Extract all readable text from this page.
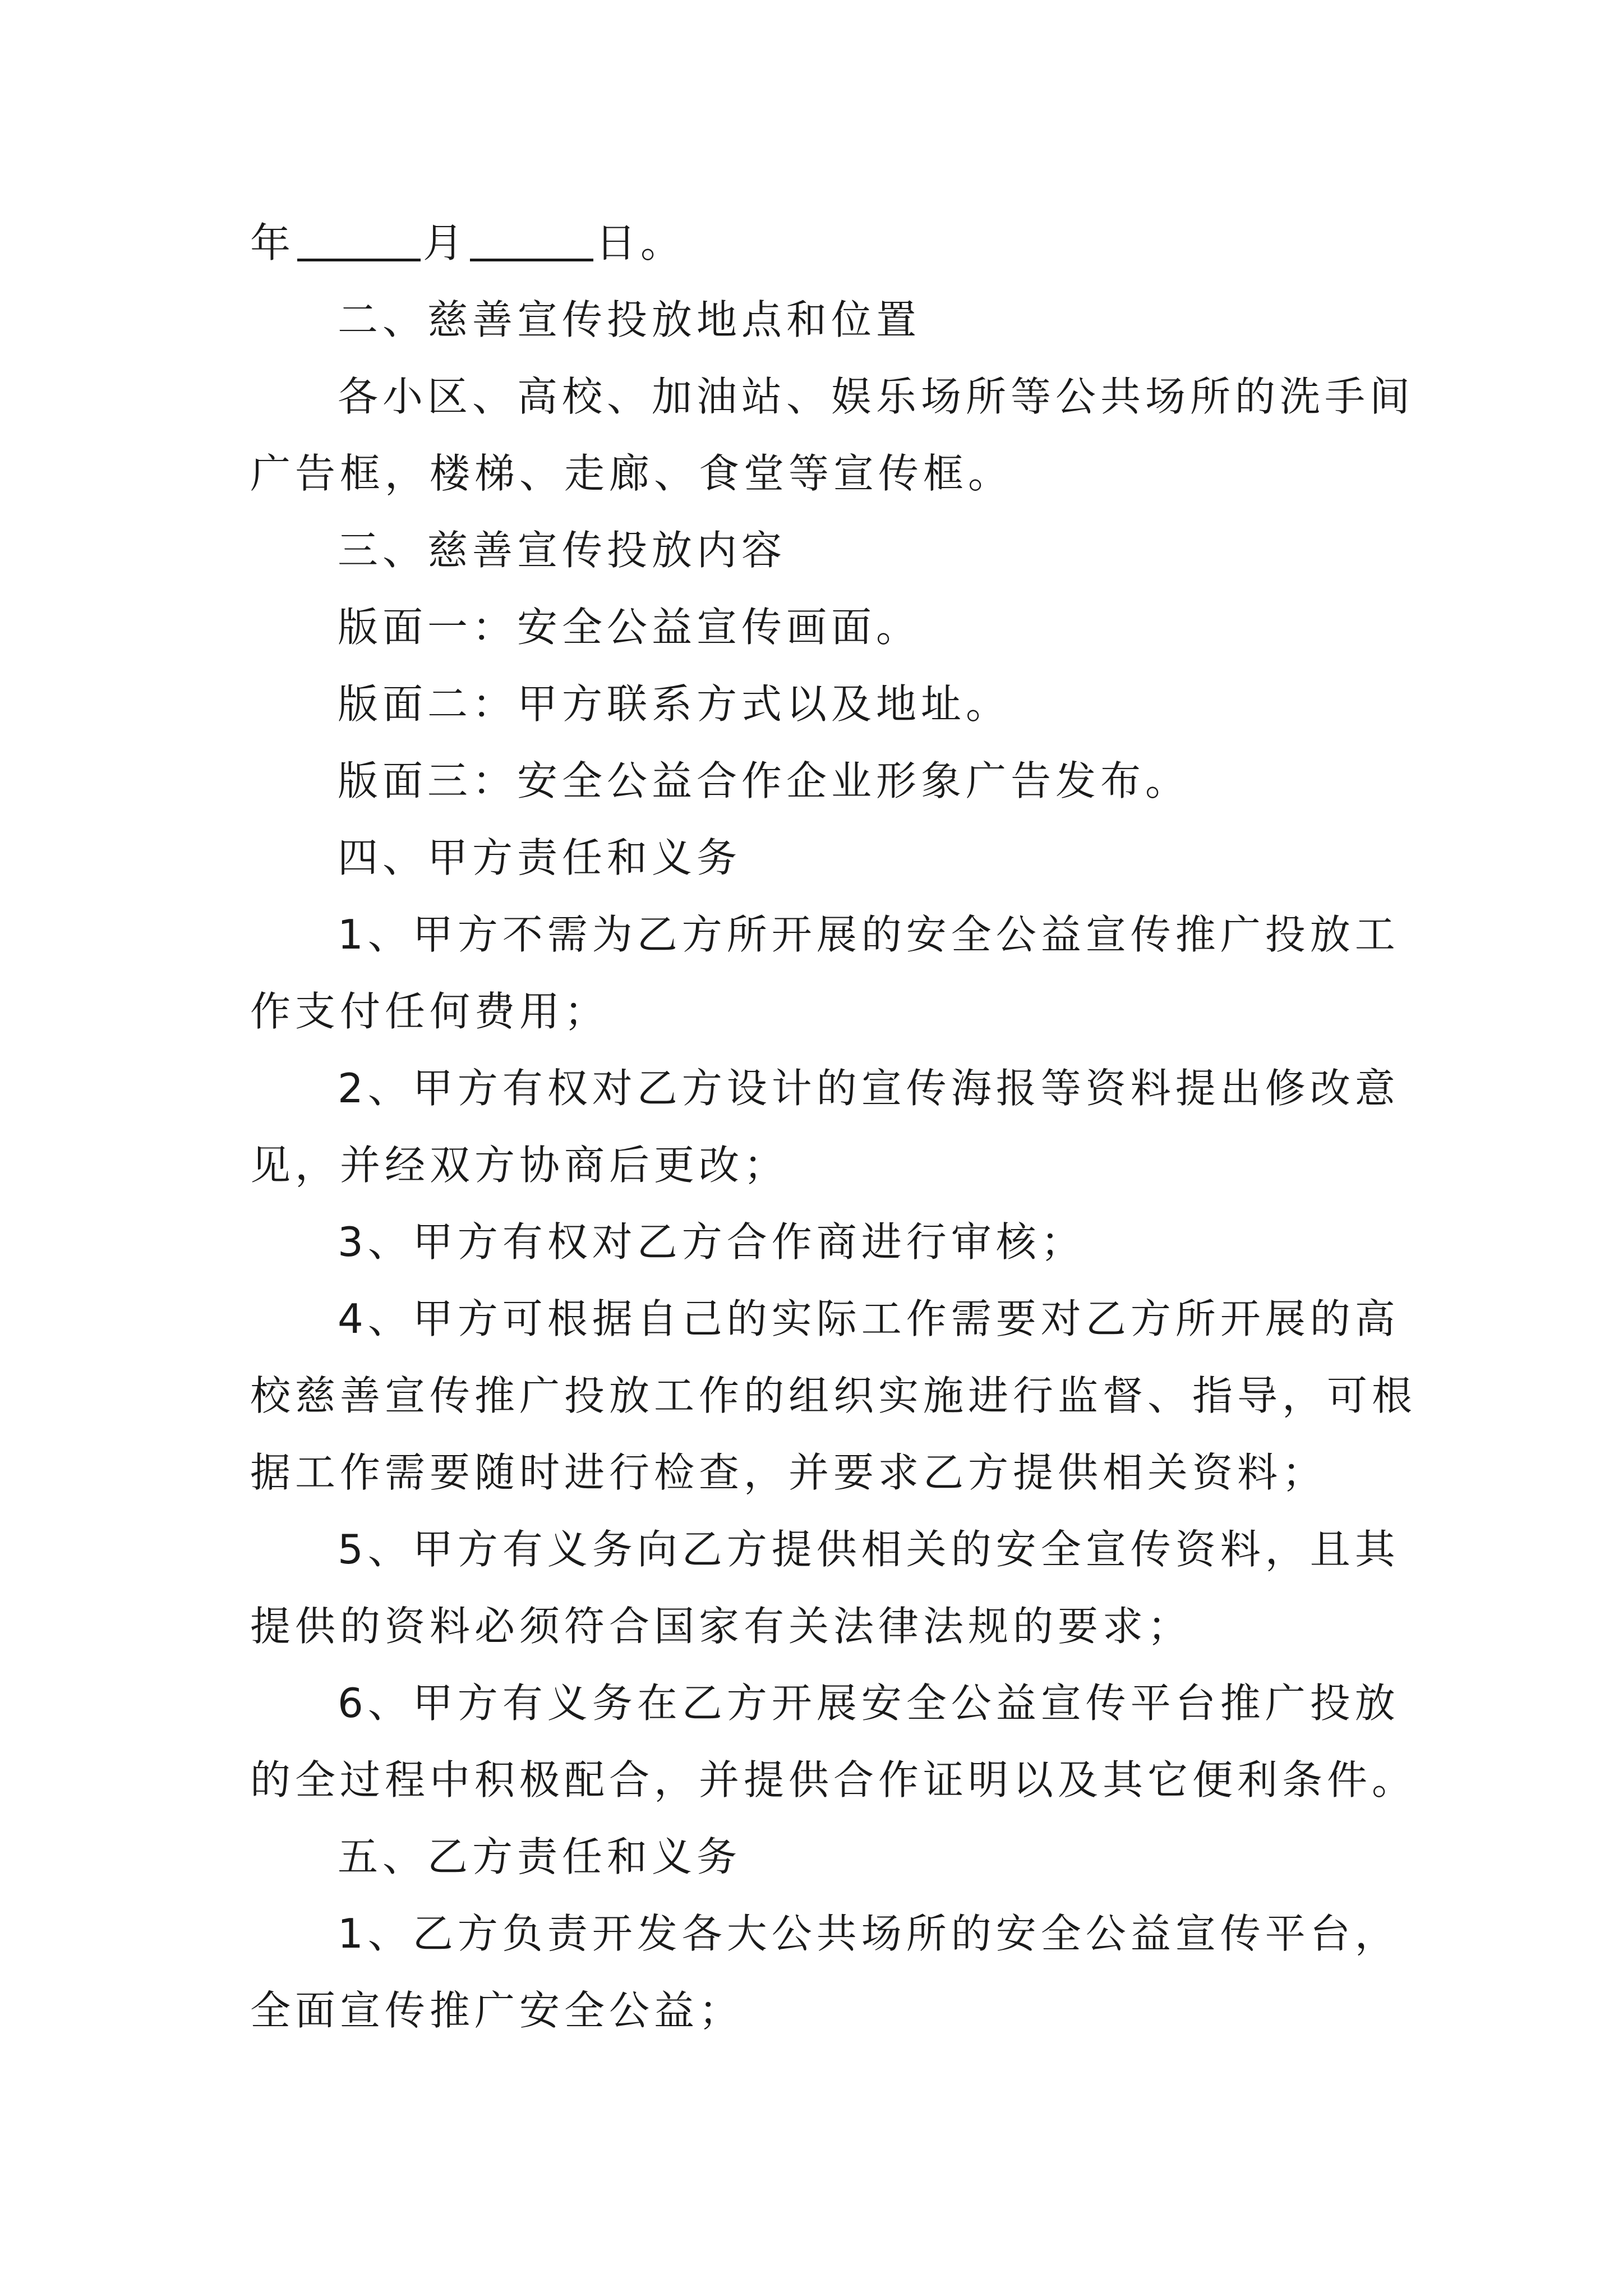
年	月	日。
二、慈善宣传投放地点和位置
各小区、高校、加油站、娱乐场所等公共场所的洗手间
广告框，楼梯、走廊、食堂等宣传框。
三、慈善宣传投放内容
版面一：安全公益宣传画面。
版面二：甲方联系方式以及地址。
版面三：安全公益合作企业形象广告发布。
四、甲方责任和义务
1、甲方不需为乙方所开展的安全公益宣传推广投放工
作支付任何费用；
2、甲方有权对乙方设计的宣传海报等资料提出修改意
见，并经双方协商后更改；
3、甲方有权对乙方合作商进行审核；
4、甲方可根据自己的实际工作需要对乙方所开展的高
校慈善宣传推广投放工作的组织实施进行监督、指导，可根
据工作需要随时进行检查，并要求乙方提供相关资料；
5、甲方有义务向乙方提供相关的安全宣传资料，且其
提供的资料必须符合国家有关法律法规的要求；
6、甲方有义务在乙方开展安全公益宣传平台推广投放
的全过程中积极配合，并提供合作证明以及其它便利条件。
五、乙方责任和义务
1、乙方负责开发各大公共场所的安全公益宣传平台，
全面宣传推广安全公益；
